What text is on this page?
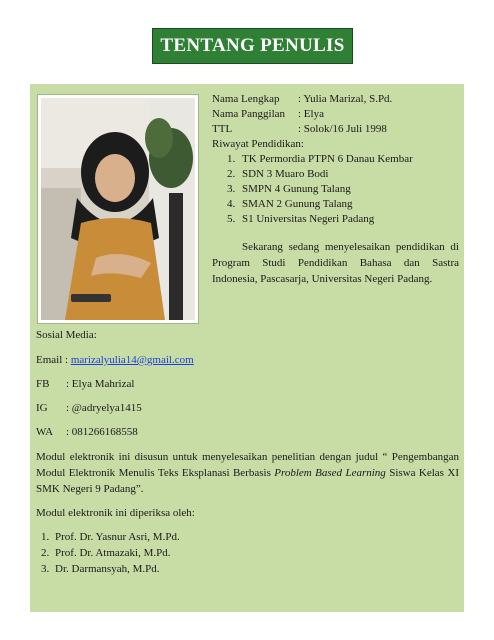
TENTANG PENULIS
Nama Lengkap	: Yulia Marizal, S.Pd.
Nama Panggilan	: Elya
TTL	: Solok/16 Juli 1998
Riwayat Pendidikan:
1. TK Permordia PTPN 6 Danau Kembar
2. SDN 3 Muaro Bodi
3. SMPN 4 Gunung Talang
4. SMAN 2 Gunung Talang
5. S1 Universitas Negeri Padang
Sekarang sedang menyelesaikan pendidikan di Program Studi Pendidikan Bahasa dan Sastra Indonesia, Pascasarja, Universitas Negeri Padang.

Sosial Media:

Email :
marizalyulia14@gmail.com
FB	: Elya Mahrizal
IG	: @adryelya1415
WA	: 081266168558

Modul elektronik ini disusun untuk menyelesaikan penelitian dengan judul “ Pengembangan Modul Elektronik Menulis Teks Eksplanasi Berbasis Problem Based Learning Siswa Kelas XI SMK Negeri 9 Padang”.

Modul elektronik ini diperiksa oleh:

1. Prof. Dr. Yasnur Asri, M.Pd.
2. Prof. Dr. Atmazaki, M.Pd.
3. Dr. Darmansyah, M.Pd.
